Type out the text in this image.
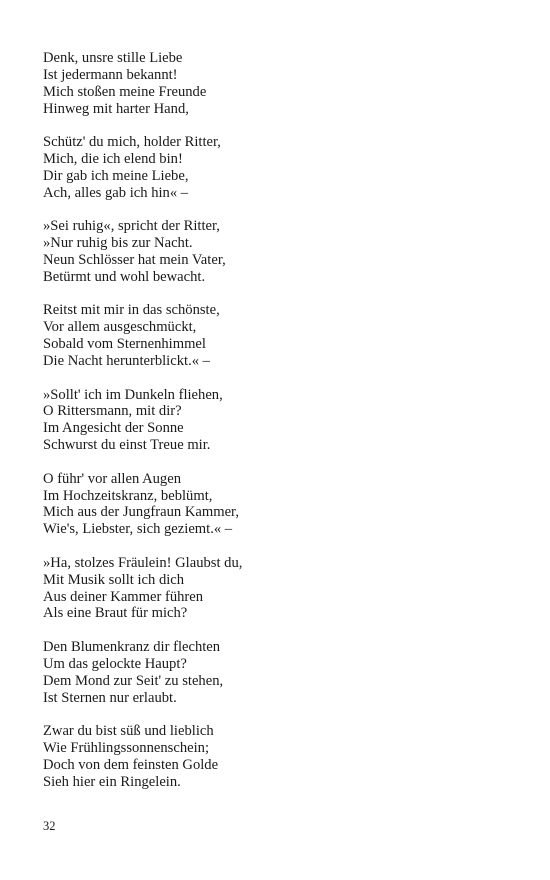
Denk, unsre stille Liebe
Ist jedermann bekannt!
Mich stoßen meine Freunde
Hinweg mit harter Hand,
Schütz' du mich, holder Ritter,
Mich, die ich elend bin!
Dir gab ich meine Liebe,
Ach, alles gab ich hin« –
»Sei ruhig«, spricht der Ritter,
»Nur ruhig bis zur Nacht.
Neun Schlösser hat mein Vater,
Betürmt und wohl bewacht.
Reitst mit mir in das schönste,
Vor allem ausgeschmückt,
Sobald vom Sternenhimmel
Die Nacht herunterblickt.« –
»Sollt' ich im Dunkeln fliehen,
O Rittersmann, mit dir?
Im Angesicht der Sonne
Schwurst du einst Treue mir.
O führ' vor allen Augen
Im Hochzeitskranz, beblümt,
Mich aus der Jungfraun Kammer,
Wie's, Liebster, sich geziemt.« –
»Ha, stolzes Fräulein! Glaubst du,
Mit Musik sollt ich dich
Aus deiner Kammer führen
Als eine Braut für mich?
Den Blumenkranz dir flechten
Um das gelockte Haupt?
Dem Mond zur Seit' zu stehen,
Ist Sternen nur erlaubt.
Zwar du bist süß und lieblich
Wie Frühlingssonnenschein;
Doch von dem feinsten Golde
Sieh hier ein Ringelein.
32
